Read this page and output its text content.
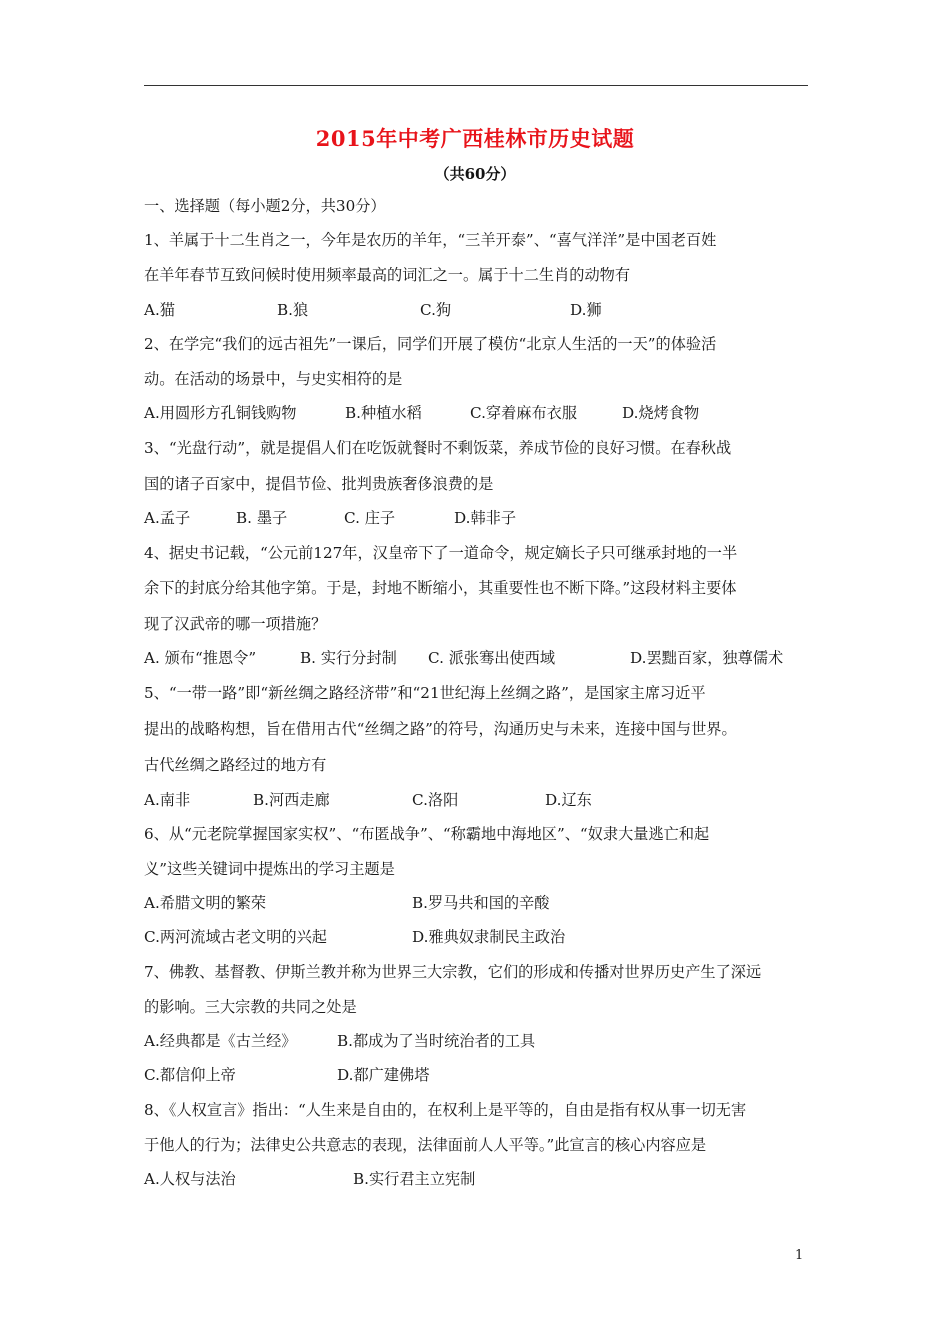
2015年中考广西桂林市历史试题
（共60分）
一、选择题（每小题2分，共30分）
1、羊属于十二生肖之一，今年是农历的羊年，“三羊开泰”、“喜气洋洋”是中国老百姓
在羊年春节互致问候时使用频率最高的词汇之一。属于十二生肖的动物有
A.猫	B.狼	C.狗	D.狮
2、在学完“我们的远古祖先”一课后，同学们开展了模仿“北京人生活的一天”的体验活
动。在活动的场景中，与史实相符的是
A.用圆形方孔铜钱购物	B.种植水稻	C.穿着麻布衣服	D.烧烤食物
3、“光盘行动”，就是提倡人们在吃饭就餐时不剩饭菜，养成节俭的良好习惯。在春秋战
国的诸子百家中，提倡节俭、批判贵族奢侈浪费的是
A.孟子	B. 墨子	C. 庄子	D.韩非子
4、据史书记载，“公元前127年，汉皇帝下了一道命令，规定嫡长子只可继承封地的一半
余下的封底分给其他字第。于是，封地不断缩小，其重要性也不断下降。”这段材料主要体
现了汉武帝的哪一项措施？
A. 颁布“推恩令”	B. 实行分封制 C. 派张骞出使西域	D.罢黜百家，独尊儒术
5、“一带一路”即“新丝绸之路经济带”和“21世纪海上丝绸之路”，是国家主席习近平
提出的战略构想，旨在借用古代“丝绸之路”的符号，沟通历史与未来，连接中国与世界。
古代丝绸之路经过的地方有
A.南非	B.河西走廊	C.洛阳	D.辽东
6、从“元老院掌握国家实权”、“布匿战争”、“称霸地中海地区”、“奴隶大量逃亡和起
义”这些关键词中提炼出的学习主题是
A.希腊文明的繁荣	B.罗马共和国的辛酸
C.两河流域古老文明的兴起	D.雅典奴隶制民主政治
7、佛教、基督教、伊斯兰教并称为世界三大宗教，它们的形成和传播对世界历史产生了深远
的影响。三大宗教的共同之处是
A.经典都是《古兰经》	B.都成为了当时统治者的工具
C.都信仰上帝	D.都广建佛塔
8、《人权宣言》指出：“人生来是自由的，在权利上是平等的，自由是指有权从事一切无害
于他人的行为；法律史公共意志的表现，法律面前人人平等。”此宣言的核心内容应是
A.人权与法治	B.实行君主立宪制
1
